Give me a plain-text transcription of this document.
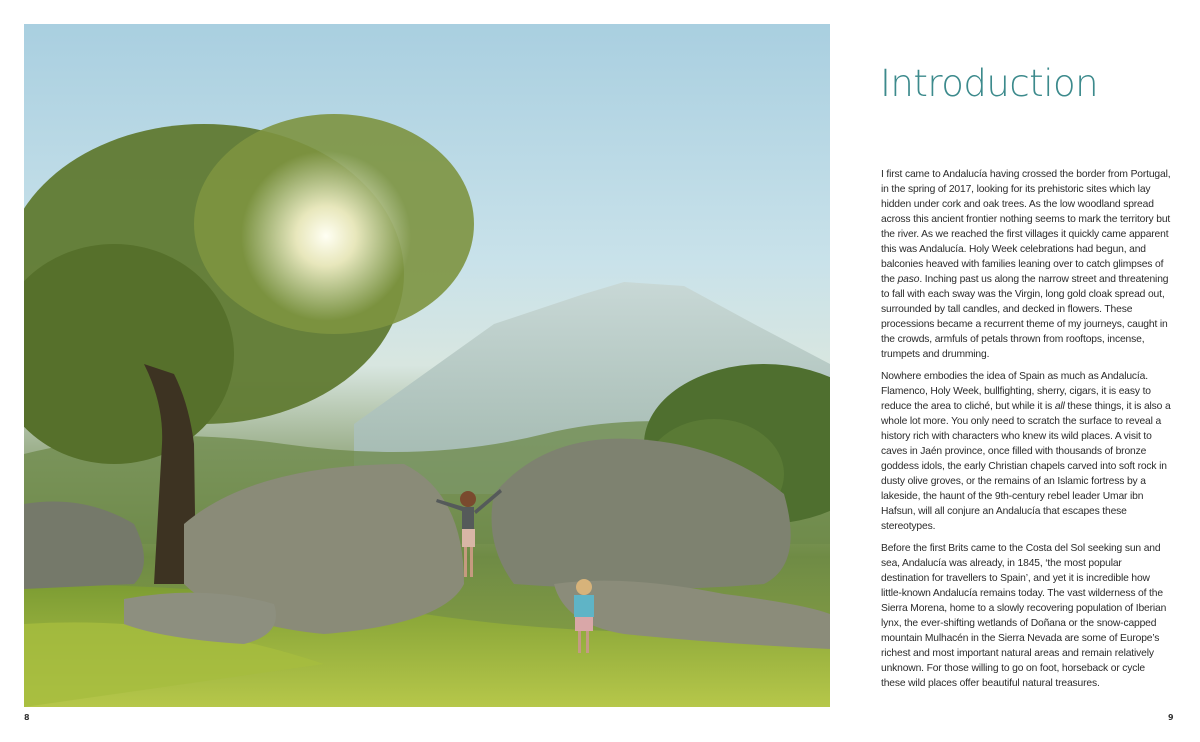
8	9
Introduction

I first came to Andalucía having crossed the border from Portugal, in the spring of 2017, looking for its prehistoric sites which lay hidden under cork and oak trees. As the low woodland spread across this ancient frontier nothing seems to mark the territory but the river. As we reached the first villages it quickly came apparent this was Andalucía. Holy Week celebrations had begun, and balconies heaved with families leaning over to catch glimpses of the paso. Inching past us along the narrow street and threatening to fall with each sway was the Virgin, long gold cloak spread out, surrounded by tall candles, and decked in flowers. These processions became a recurrent theme of my journeys, caught in the crowds, armfuls of petals thrown from rooftops, incense, trumpets and drumming.

Nowhere embodies the idea of Spain as much as Andalucía. Flamenco, Holy Week, bullfighting, sherry, cigars, it is easy to reduce the area to cliché, but while it is all these things, it is also a whole lot more. You only need to scratch the surface to reveal a history rich with characters who knew its wild places. A visit to caves in Jaén province, once filled with thousands of bronze goddess idols, the early Christian chapels carved into soft rock in dusty olive groves, or the remains of an Islamic fortress by a lakeside, the haunt of the 9th-century rebel leader Umar ibn Hafsun, will all conjure an Andalucía that escapes these stereotypes.

Before the first Brits came to the Costa del Sol seeking sun and sea, Andalucía was already, in 1845, ‘the most popular destination for travellers to Spain’, and yet it is incredible how little-known Andalucía remains today. The vast wilderness of the Sierra Morena, home to a slowly recovering population of Iberian lynx, the ever-shifting wetlands of Doñana or the snow-capped mountain Mulhacén in the Sierra Nevada are some of Europe’s richest and most important natural areas and remain relatively unknown. For those willing to go on foot, horseback or cycle these wild places offer beautiful natural treasures.
